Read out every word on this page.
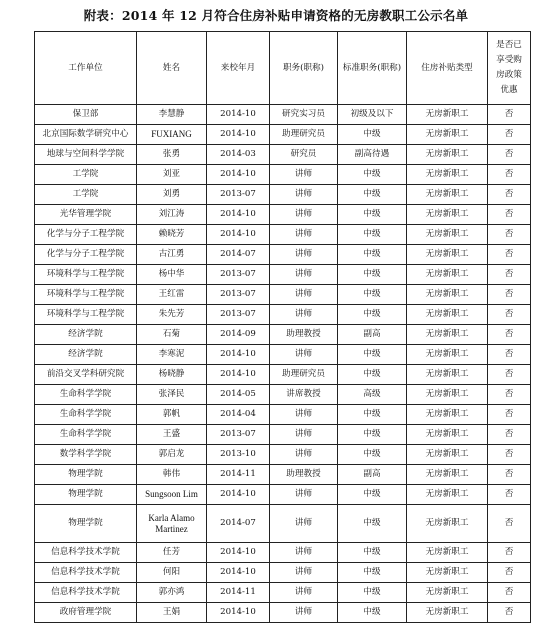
附表：2014 年 12 月符合住房补贴申请资格的无房教职工公示名单
工作单位	姓名	来校年月	职务(职称)	标准职务(职称)	住房补贴类型	是否已
享受购
房政策
优惠

保卫部	李慧静	2014-10	研究实习员	初级及以下	无房新职工	否
北京国际数学研究中心	FUXIANG	2014-10	助理研究员	中级	无房新职工	否
地球与空间科学学院	张勇	2014-03	研究员	副高待遇	无房新职工	否
工学院	刘亚	2014-10	讲师	中级	无房新职工	否
工学院	刘勇	2013-07	讲师	中级	无房新职工	否
光华管理学院	刘江涛	2014-10	讲师	中级	无房新职工	否
化学与分子工程学院	赖晓芳	2014-10	讲师	中级	无房新职工	否
化学与分子工程学院	古江勇	2014-07	讲师	中级	无房新职工	否
环境科学与工程学院	杨中华	2013-07	讲师	中级	无房新职工	否
环境科学与工程学院	王红雷	2013-07	讲师	中级	无房新职工	否
环境科学与工程学院	朱先芳	2013-07	讲师	中级	无房新职工	否
经济学院	石菊	2014-09	助理教授	副高	无房新职工	否
经济学院	李寒泥	2014-10	讲师	中级	无房新职工	否
前沿交叉学科研究院	杨晓静	2014-10	助理研究员	中级	无房新职工	否
生命科学学院	张泽民	2014-05	讲席教授	高级	无房新职工	否
生命科学学院	郭帆	2014-04	讲师	中级	无房新职工	否
生命科学学院	王盛	2013-07	讲师	中级	无房新职工	否
数学科学学院	郭启龙	2013-10	讲师	中级	无房新职工	否
物理学院	韩伟	2014-11	助理教授	副高	无房新职工	否
物理学院	Sungsoon Lim	2014-10	讲师	中级	无房新职工	否
物理学院	Karla Alamo Martinez	2014-07	讲师	中级	无房新职工	否
信息科学技术学院	任芳	2014-10	讲师	中级	无房新职工	否
信息科学技术学院	何阳	2014-10	讲师	中级	无房新职工	否
信息科学技术学院	郭亦鸿	2014-11	讲师	中级	无房新职工	否
政府管理学院	王娟	2014-10	讲师	中级	无房新职工	否
